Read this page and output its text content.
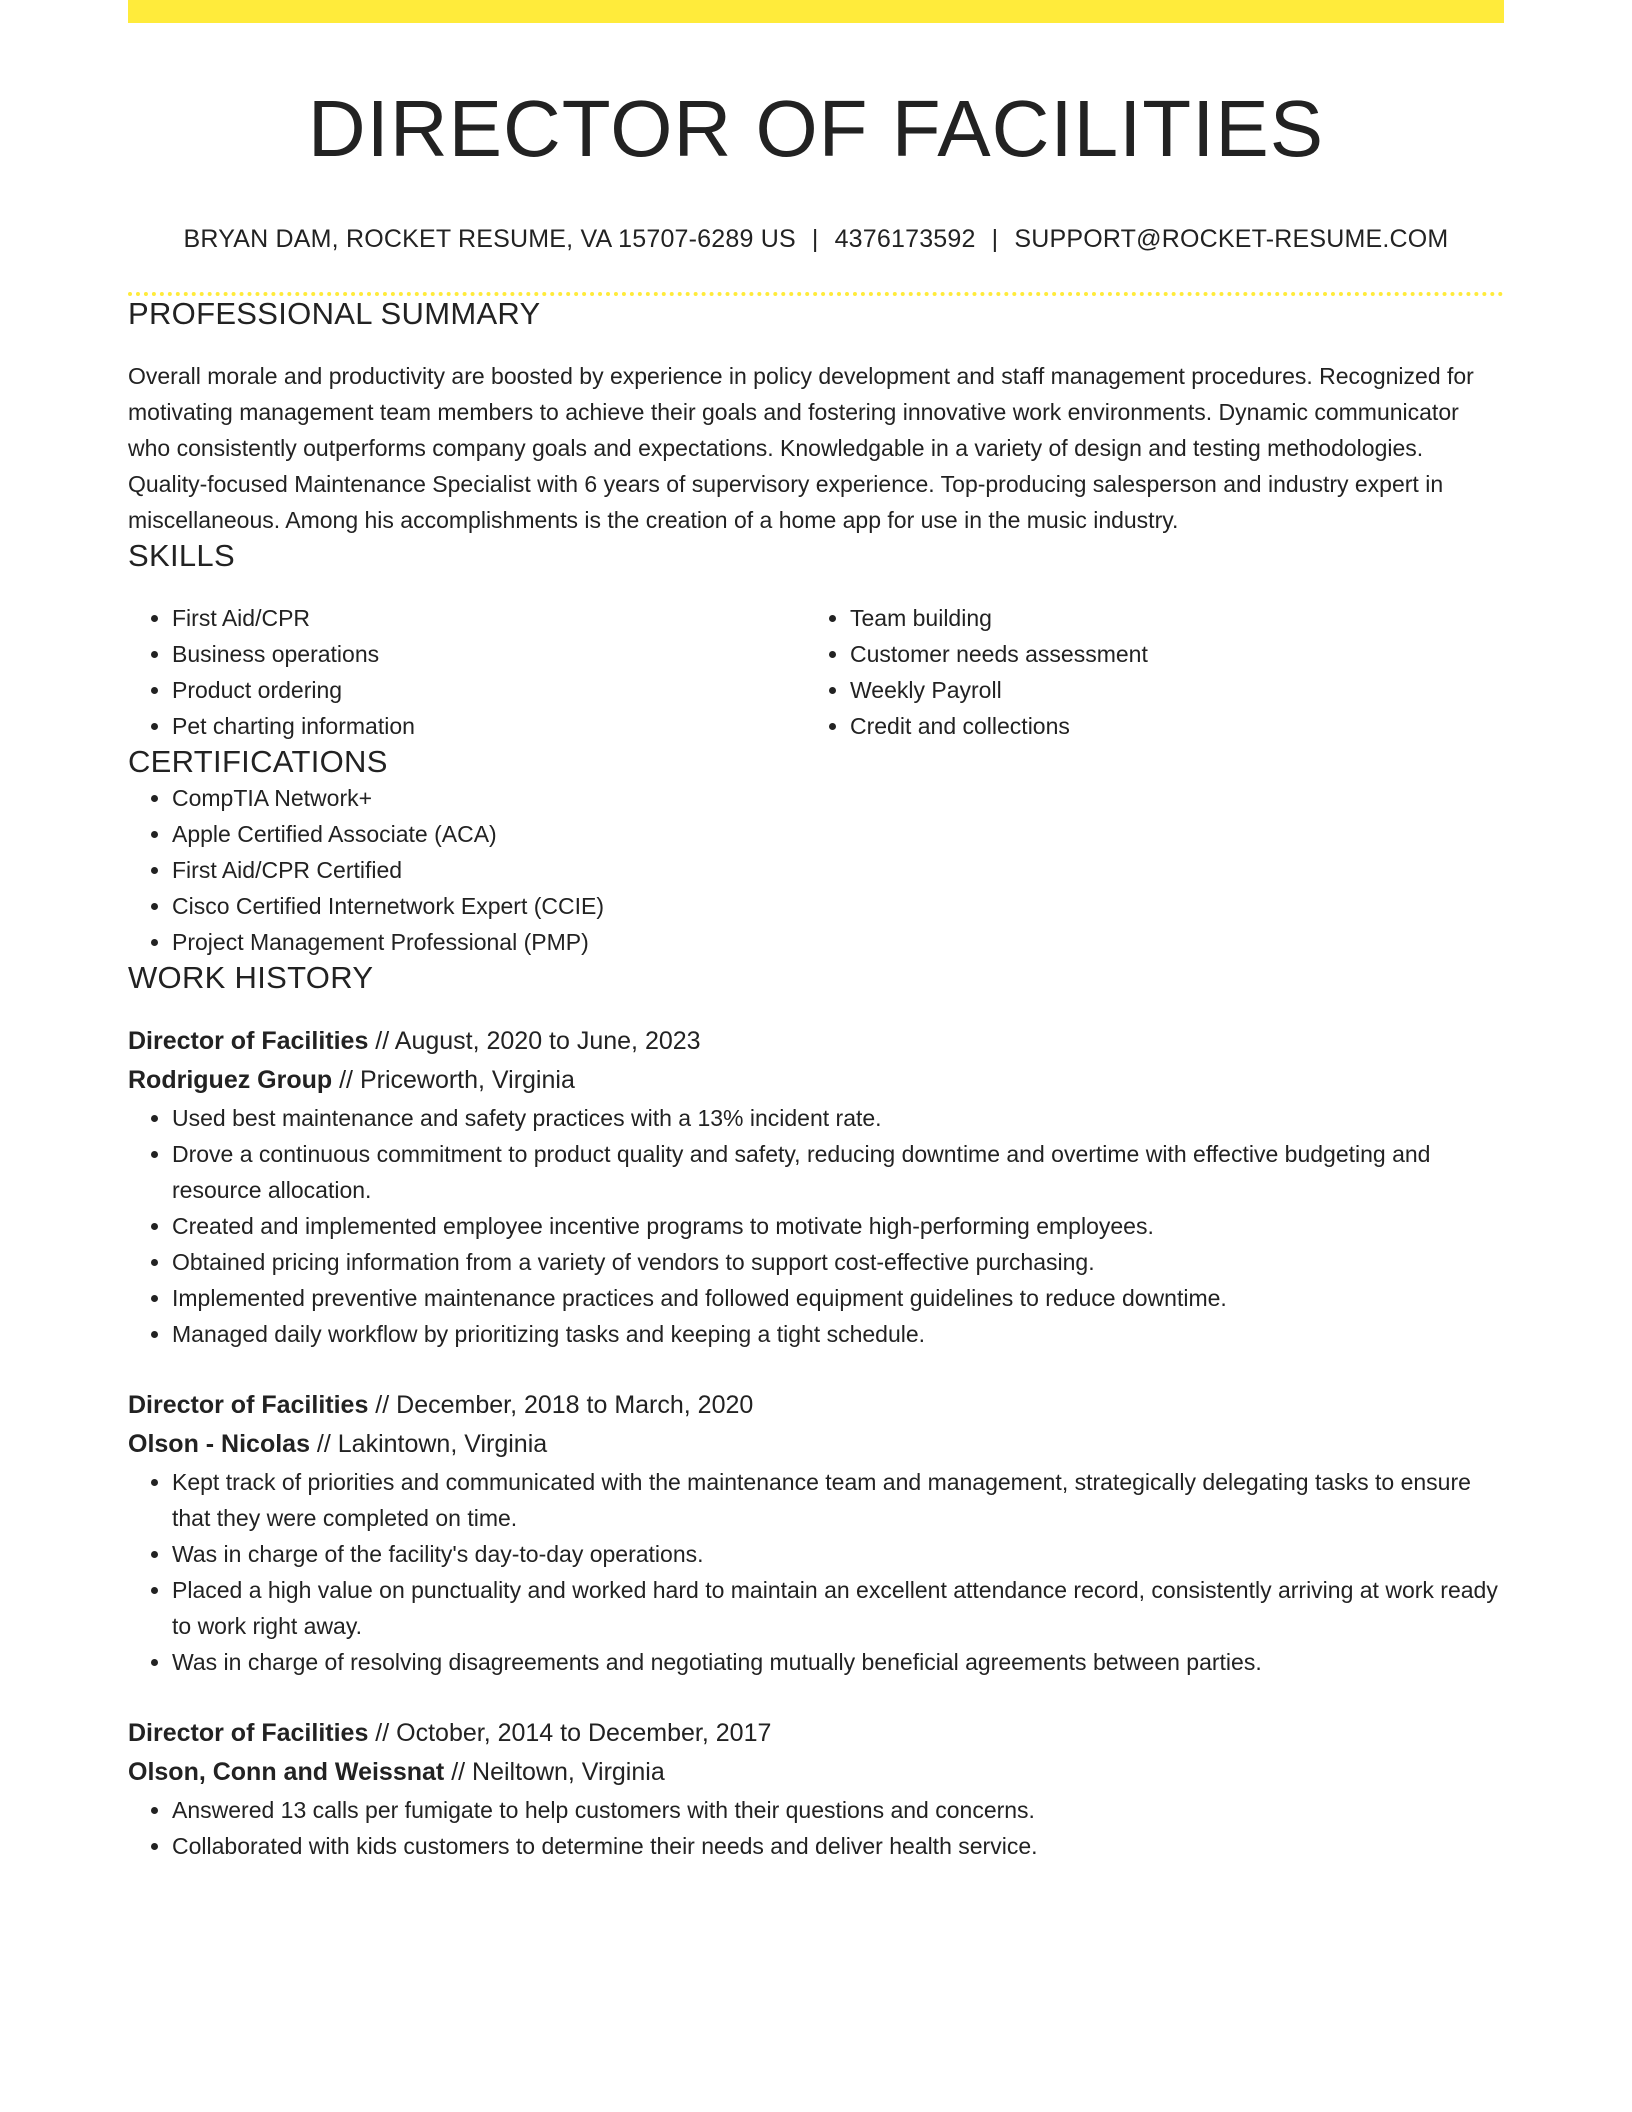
DIRECTOR OF FACILITIES
BRYAN DAM, ROCKET RESUME, VA 15707-6289 US | 4376173592 | SUPPORT@ROCKET-RESUME.COM
PROFESSIONAL SUMMARY
Overall morale and productivity are boosted by experience in policy development and staff management procedures. Recognized for motivating management team members to achieve their goals and fostering innovative work environments. Dynamic communicator who consistently outperforms company goals and expectations. Knowledgable in a variety of design and testing methodologies. Quality-focused Maintenance Specialist with 6 years of supervisory experience. Top-producing salesperson and industry expert in miscellaneous. Among his accomplishments is the creation of a home app for use in the music industry.
SKILLS
• First Aid/CPR
• Business operations
• Product ordering
• Pet charting information
• Team building
• Customer needs assessment
• Weekly Payroll
• Credit and collections
CERTIFICATIONS
• CompTIA Network+
• Apple Certified Associate (ACA)
• First Aid/CPR Certified
• Cisco Certified Internetwork Expert (CCIE)
• Project Management Professional (PMP)
WORK HISTORY
Director of Facilities // August, 2020 to June, 2023
Rodriguez Group // Priceworth, Virginia
• Used best maintenance and safety practices with a 13% incident rate.
• Drove a continuous commitment to product quality and safety, reducing downtime and overtime with effective budgeting and resource allocation.
• Created and implemented employee incentive programs to motivate high-performing employees.
• Obtained pricing information from a variety of vendors to support cost-effective purchasing.
• Implemented preventive maintenance practices and followed equipment guidelines to reduce downtime.
• Managed daily workflow by prioritizing tasks and keeping a tight schedule.
Director of Facilities // December, 2018 to March, 2020
Olson - Nicolas // Lakintown, Virginia
• Kept track of priorities and communicated with the maintenance team and management, strategically delegating tasks to ensure that they were completed on time.
• Was in charge of the facility's day-to-day operations.
• Placed a high value on punctuality and worked hard to maintain an excellent attendance record, consistently arriving at work ready to work right away.
• Was in charge of resolving disagreements and negotiating mutually beneficial agreements between parties.
Director of Facilities // October, 2014 to December, 2017
Olson, Conn and Weissnat // Neiltown, Virginia
• Answered 13 calls per fumigate to help customers with their questions and concerns.
• Collaborated with kids customers to determine their needs and deliver health service.
